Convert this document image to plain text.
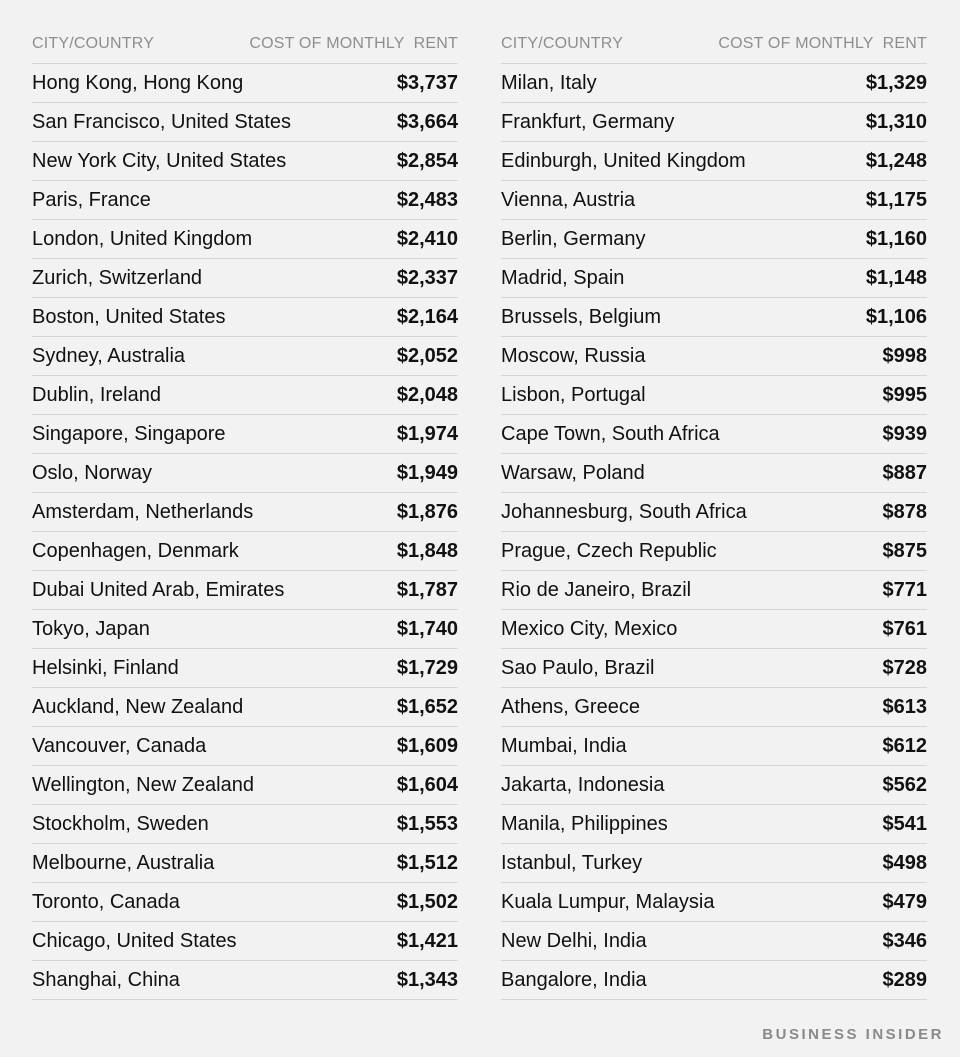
CITY/COUNTRY	COST OF MONTHLY  RENT
Hong Kong, Hong Kong	$3,737
San Francisco, United States	$3,664
New York City, United States	$2,854
Paris, France	$2,483
London, United Kingdom	$2,410
Zurich, Switzerland	$2,337
Boston, United States	$2,164
Sydney, Australia	$2,052
Dublin, Ireland	$2,048
Singapore, Singapore	$1,974
Oslo, Norway	$1,949
Amsterdam, Netherlands	$1,876
Copenhagen, Denmark	$1,848
Dubai United Arab, Emirates	$1,787
Tokyo, Japan	$1,740
Helsinki, Finland	$1,729
Auckland, New Zealand	$1,652
Vancouver, Canada	$1,609
Wellington, New Zealand	$1,604
Stockholm, Sweden	$1,553
Melbourne, Australia	$1,512
Toronto, Canada	$1,502
Chicago, United States	$1,421
Shanghai, China	$1,343
CITY/COUNTRY	COST OF MONTHLY  RENT
Milan, Italy	$1,329
Frankfurt, Germany	$1,310
Edinburgh, United Kingdom	$1,248
Vienna, Austria	$1,175
Berlin, Germany	$1,160
Madrid, Spain	$1,148
Brussels, Belgium	$1,106
Moscow, Russia	$998
Lisbon, Portugal	$995
Cape Town, South Africa	$939
Warsaw, Poland	$887
Johannesburg, South Africa	$878
Prague, Czech Republic	$875
Rio de Janeiro, Brazil	$771
Mexico City, Mexico	$761
Sao Paulo, Brazil	$728
Athens, Greece	$613
Mumbai, India	$612
Jakarta, Indonesia	$562
Manila, Philippines	$541
Istanbul, Turkey	$498
Kuala Lumpur, Malaysia	$479
New Delhi, India	$346
Bangalore, India	$289
BUSINESS INSIDER
